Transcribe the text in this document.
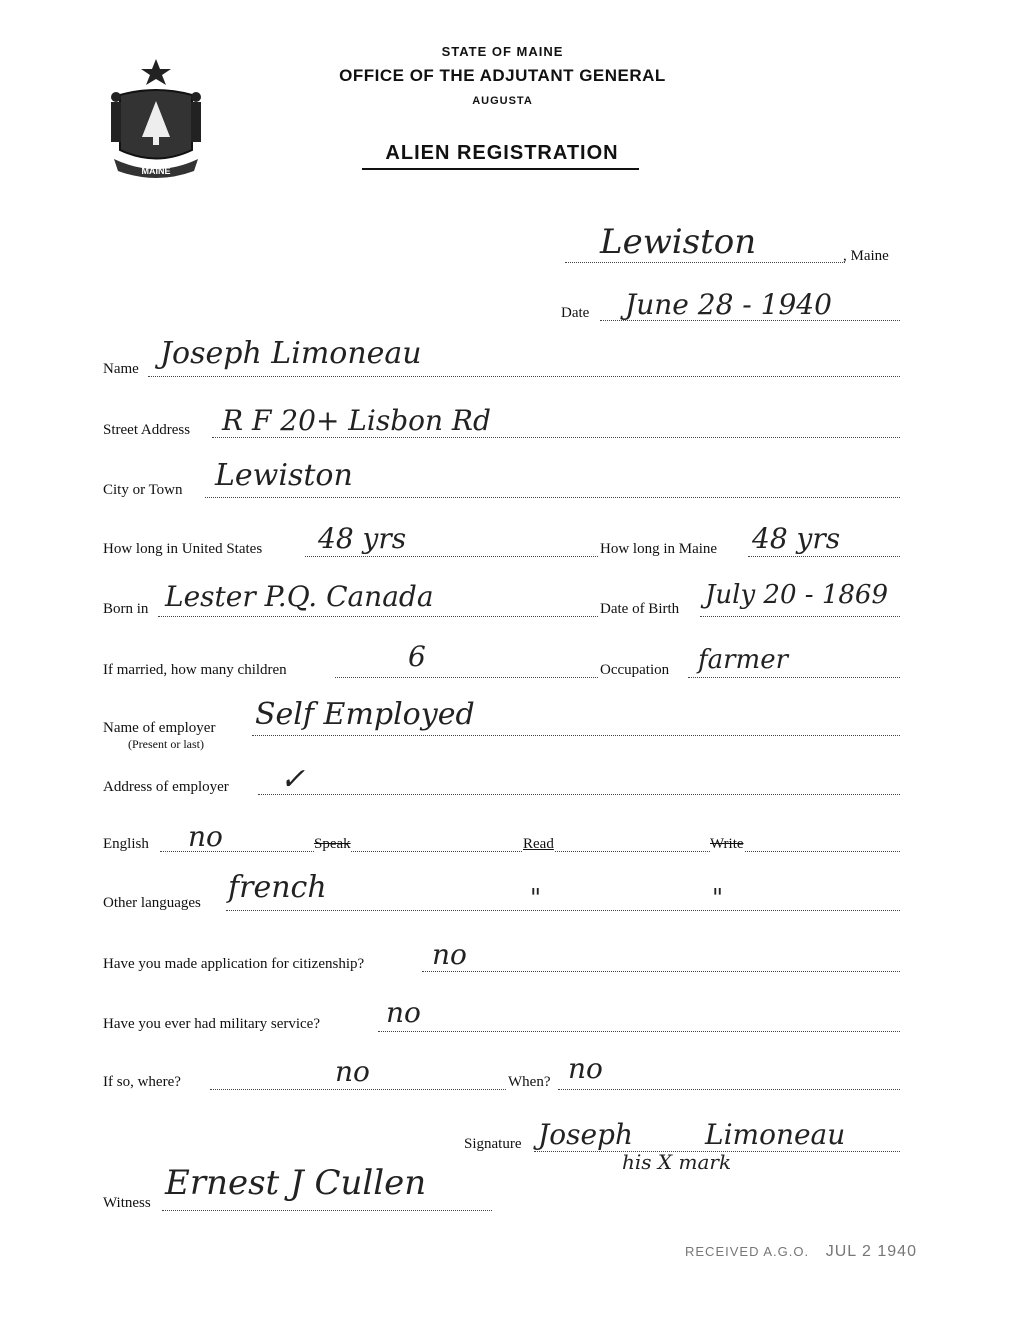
MAINE
STATE OF MAINE
OFFICE OF THE ADJUTANT GENERAL
AUGUSTA
ALIEN REGISTRATION
Lewiston	, Maine
Date June 28 - 1940
Name Joseph Limoneau
Street Address R F 20+ Lisbon Rd
City or Town Lewiston
How long in United States 48 yrs	How long in Maine 48 yrs
Born in Lester P.Q. Canada	Date of Birth July 20 - 1869
If married, how many children	6	Occupation farmer
Name of employer
(Present or last)
Self Employed
Address of employer ✓
English no	Speak	Read	Write
Other languages french	"	"
Have you made application for citizenship? no
Have you ever had military service? no
If so, where?	no	When? no
Signature Joseph
his X mark
Limoneau
Witness Ernest J Cullen
RECEIVED A.G.O. JUL 2 1940
